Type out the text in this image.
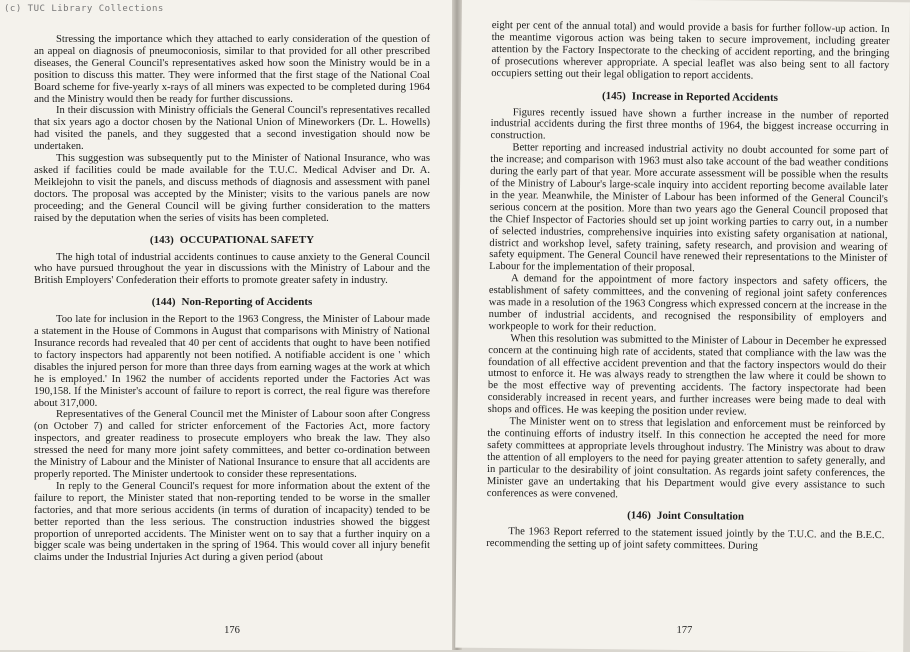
(c) TUC Library Collections

Stressing the importance which they attached to early consideration of the question of an appeal on diagnosis of pneumoconiosis, similar to that provided for all other prescribed diseases, the General Council's representatives asked how soon the Ministry would be in a position to discuss this matter. They were informed that the first stage of the National Coal Board scheme for five-yearly x-rays of all miners was expected to be completed during 1964 and the Ministry would then be ready for further discussions.

In their discussion with Ministry officials the General Council's representatives recalled that six years ago a doctor chosen by the National Union of Mineworkers (Dr. L. Howells) had visited the panels, and they suggested that a second investigation should now be undertaken.

This suggestion was subsequently put to the Minister of National Insurance, who was asked if facilities could be made available for the T.U.C. Medical Adviser and Dr. A. Meiklejohn to visit the panels, and discuss methods of diagnosis and assessment with panel doctors. The proposal was accepted by the Minister; visits to the various panels are now proceeding; and the General Council will be giving further consideration to the matters raised by the deputation when the series of visits has been completed.

(143) OCCUPATIONAL SAFETY

The high total of industrial accidents continues to cause anxiety to the General Council who have pursued throughout the year in discussions with the Ministry of Labour and the British Employers' Confederation their efforts to promote greater safety in industry.

(144) Non-Reporting of Accidents

Too late for inclusion in the Report to the 1963 Congress, the Minister of Labour made a statement in the House of Commons in August that comparisons with Ministry of National Insurance records had revealed that 40 per cent of accidents that ought to have been notified to factory inspectors had apparently not been notified. A notifiable accident is one ' which disables the injured person for more than three days from earning wages at the work at which he is employed.' In 1962 the number of accidents reported under the Factories Act was 190,158. If the Minister's account of failure to report is correct, the real figure was therefore about 317,000.

Representatives of the General Council met the Minister of Labour soon after Congress (on October 7) and called for stricter enforcement of the Factories Act, more factory inspectors, and greater readiness to prosecute employers who break the law. They also stressed the need for many more joint safety committees, and better co-ordination between the Ministry of Labour and the Minister of National Insurance to ensure that all accidents are properly reported. The Minister undertook to consider these representations.

In reply to the General Council's request for more information about the extent of the failure to report, the Minister stated that non-reporting tended to be worse in the smaller factories, and that more serious accidents (in terms of duration of incapacity) tended to be better reported than the less serious. The construction industries showed the biggest proportion of unreported accidents. The Minister went on to say that a further inquiry on a bigger scale was being undertaken in the spring of 1964. This would cover all injury benefit claims under the Industrial Injuries Act during a given period (about

176

eight per cent of the annual total) and would provide a basis for further follow-up action. In the meantime vigorous action was being taken to secure improvement, including greater attention by the Factory Inspectorate to the checking of accident reporting, and the bringing of prosecutions wherever appropriate. A special leaflet was also being sent to all factory occupiers setting out their legal obligation to report accidents.

(145) Increase in Reported Accidents

Figures recently issued have shown a further increase in the number of reported industrial accidents during the first three months of 1964, the biggest increase occurring in construction.

Better reporting and increased industrial activity no doubt accounted for some part of the increase; and comparison with 1963 must also take account of the bad weather conditions during the early part of that year. More accurate assessment will be possible when the results of the Ministry of Labour's large-scale inquiry into accident reporting become available later in the year. Meanwhile, the Minister of Labour has been informed of the General Council's serious concern at the position. More than two years ago the General Council proposed that the Chief Inspector of Factories should set up joint working parties to carry out, in a number of selected industries, comprehensive inquiries into existing safety organisation at national, district and workshop level, safety training, safety research, and provision and wearing of safety equipment. The General Council have renewed their representations to the Minister of Labour for the implementation of their proposal.

A demand for the appointment of more factory inspectors and safety officers, the establishment of safety committees, and the convening of regional joint safety conferences was made in a resolution of the 1963 Congress which expressed concern at the increase in the number of industrial accidents, and recognised the responsibility of employers and workpeople to work for their reduction.

When this resolution was submitted to the Minister of Labour in December he expressed concern at the continuing high rate of accidents, stated that compliance with the law was the foundation of all effective accident prevention and that the factory inspectors would do their utmost to enforce it. He was always ready to strengthen the law where it could be shown to be the most effective way of preventing accidents. The factory inspectorate had been considerably increased in recent years, and further increases were being made to deal with shops and offices. He was keeping the position under review.

The Minister went on to stress that legislation and enforcement must be reinforced by the continuing efforts of industry itself. In this connection he accepted the need for more safety committees at appropriate levels throughout industry. The Ministry was about to draw the attention of all employers to the need for paying greater attention to safety generally, and in particular to the desirability of joint consultation. As regards joint safety conferences, the Minister gave an undertaking that his Department would give every assistance to such conferences as were convened.

(146) Joint Consultation

The 1963 Report referred to the statement issued jointly by the T.U.C. and the B.E.C. recommending the setting up of joint safety committees. During

177
